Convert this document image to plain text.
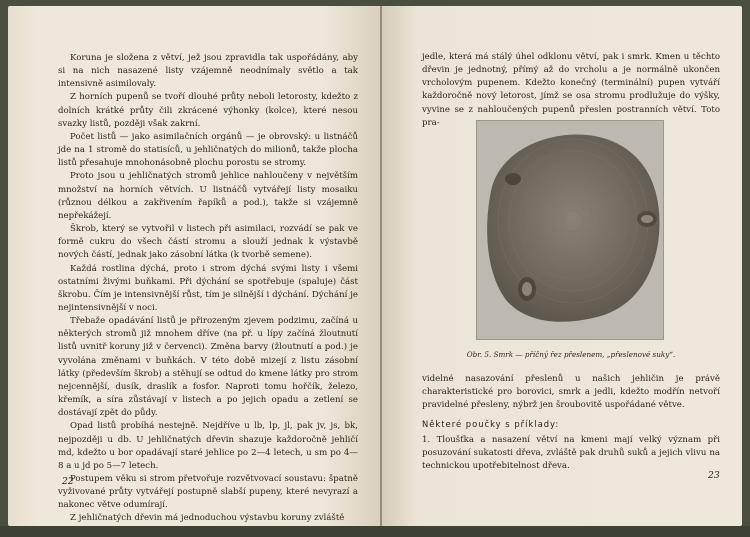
Koruna je složena z větví, jež jsou zpravidla tak uspořádány, aby si na nich nasazené listy vzájemně neodnímaly světlo a tak intensivně asimilovaly.

Z horních pupenů se tvoří dlouhé průty neboli letorosty, kdežto z dolních krátké průty čili zkrácené výhonky (kolce), které nesou svazky listů, později však zakrní.

Počet listů — jako asimilačních orgánů — je obrovský: u listnáčů jde na 1 stromě do statisíců, u jehličnatých do milionů, takže plocha listů přesahuje mnohonásobně plochu porostu se stromy.

Proto jsou u jehličnatých stromů jehlice nahloučeny v největším množství na horních větvích. U listnáčů vytvářejí listy mosaiku (různou délkou a zakřivením řapíků a pod.), takže si vzájemně nepřekážejí.

Škrob, který se vytvořil v listech při asimilaci, rozvádí se pak ve formě cukru do všech částí stromu a slouží jednak k výstavbě nových částí, jednak jako zásobní látka (k tvorbě semene).

Každá rostlina dýchá, proto i strom dýchá svými listy i všemi ostatními živými buňkami. Při dýchání se spotřebuje (spaluje) část škrobu. Čím je intensivnější růst, tím je silnější i dýchání. Dýchání je nejintensivnější v noci.

Třebaže opadávání listů je přirozeným zjevem podzimu, začíná u některých stromů již mnohem dříve (na př. u lípy začíná žloutnutí listů uvnitř koruny již v červenci). Změna barvy (žloutnutí a pod.) je vyvolána změnami v buňkách. V této době mizejí z listu zásobní látky (především škrob) a stěhují se odtud do kmene látky pro strom nejcennější, dusík, draslík a fosfor. Naproti tomu hořčík, železo, křemík, a síra zůstávají v listech a po jejich opadu a zetlení se dostávají zpět do půdy.

Opad listů probíhá nestejně. Nejdříve u lb, lp, jl, pak jv, js, bk, nejpozději u db. U jehličnatých dřevin shazuje každoročně jehličí md, kdežto u bor opadávají staré jehlice po 2—4 letech, u sm po 4—8 a u jd po 5—7 letech.

Postupem věku si strom přetvořuje rozvětvovací soustavu: špatně vyživované průty vytvářejí postupně slabší pupeny, které nevyrazí a nakonec větve odumírají.

Z jehličnatých dřevin má jednoduchou výstavbu koruny zvláště

22

jedle, která má stálý úhel odklonu větví, pak i smrk. Kmen u těchto dřevin je jednotný, přímý až do vrcholu a je normálně ukončen vrcholovým pupenem. Kdežto konečný (terminální) pupen vytváří každoročně nový letorost, jímž se osa stromu prodlužuje do výšky, vyvine se z nahloučených pupenů přeslen postranních větví. Toto pra-

Obr. 5. Smrk — příčný řez přeslenem, „přeslenové suky“.

videlné nasazování přeslenů u našich jehličin je právě charakteristické pro borovici, smrk a jedli, kdežto modřín netvoří pravidelné přesleny, nýbrž jen šroubovitě uspořádané větve.

Některé poučky s příklady:

1. Tloušťka a nasazení větví na kmeni mají velký význam při posuzování sukatosti dřeva, zvláště pak druhů suků a jejich vlivu na technickou upotřebitelnost dřeva.

23
